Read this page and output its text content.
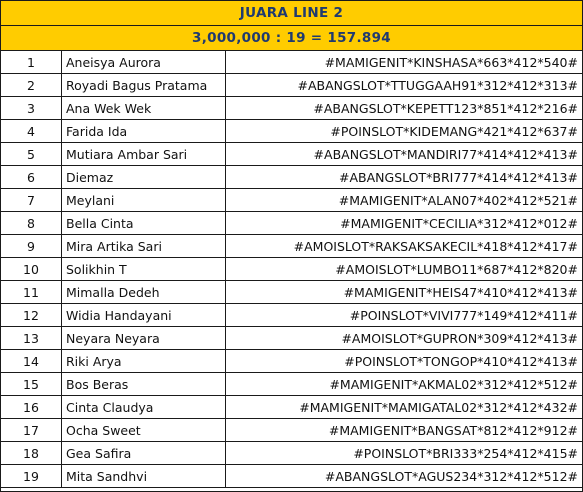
JUARA LINE 2
3,000,000 : 19 = 157.894
1	Aneisya Aurora	#MAMIGENIT*KINSHASA*663*412*540#
2	Royadi Bagus Pratama	#ABANGSLOT*TTUGGAAH91*312*412*313#
3	Ana Wek Wek	#ABANGSLOT*KEPETT123*851*412*216#
4	Farida Ida	#POINSLOT*KIDEMANG*421*412*637#
5	Mutiara Ambar Sari	#ABANGSLOT*MANDIRI77*414*412*413#
6	Diemaz	#ABANGSLOT*BRI777*414*412*413#
7	Meylani	#MAMIGENIT*ALAN07*402*412*521#
8	Bella Cinta	#MAMIGENIT*CECILIA*312*412*012#
9	Mira Artika Sari	#AMOISLOT*RAKSAKSAKECIL*418*412*417#
10	Solikhin T	#AMOISLOT*LUMBO11*687*412*820#
11	Mimalla Dedeh	#MAMIGENIT*HEIS47*410*412*413#
12	Widia Handayani	#POINSLOT*VIVI777*149*412*411#
13	Neyara Neyara	#AMOISLOT*GUPRON*309*412*413#
14	Riki Arya	#POINSLOT*TONGOP*410*412*413#
15	Bos Beras	#MAMIGENIT*AKMAL02*312*412*512#
16	Cinta Claudya	#MAMIGENIT*MAMIGATAL02*312*412*432#
17	Ocha Sweet	#MAMIGENIT*BANGSAT*812*412*912#
18	Gea Safira	#POINSLOT*BRI333*254*412*415#
19	Mita Sandhvi	#ABANGSLOT*AGUS234*312*412*512#
